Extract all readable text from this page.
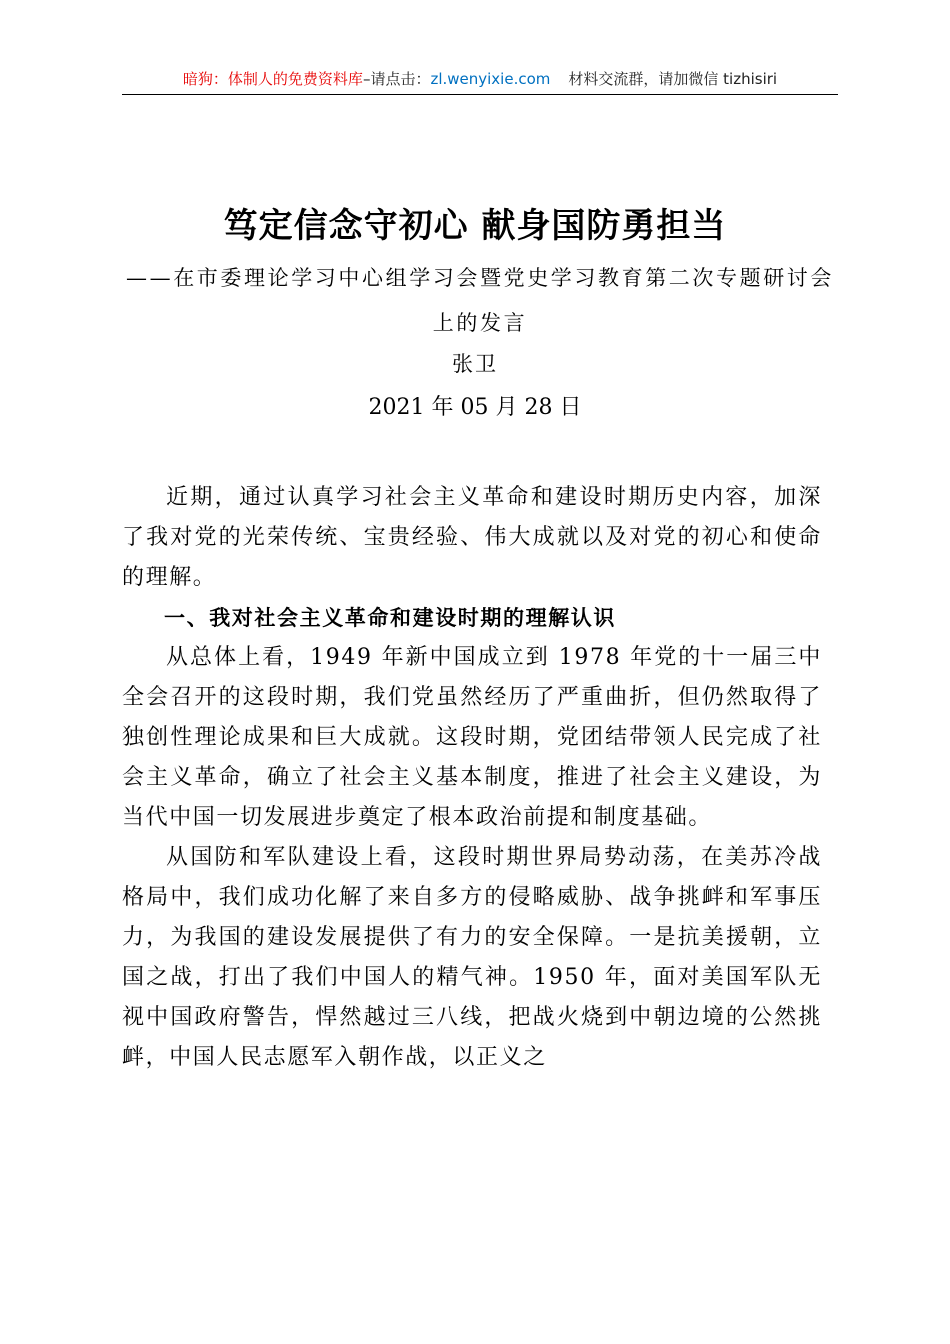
暗狗：体制人的免费资料库–请点击：zl.wenyixie.com 材料交流群，请加微信 tizhisiri
笃定信念守初心 献身国防勇担当
——在市委理论学习中心组学习会暨党史学习教育第二次专题研讨会上的发言
张卫
2021 年 05 月 28 日

近期，通过认真学习社会主义革命和建设时期历史内容，加深了我对党的光荣传统、宝贵经验、伟大成就以及对党的初心和使命的理解。

一、我对社会主义革命和建设时期的理解认识

从总体上看，1949 年新中国成立到 1978 年党的十一届三中全会召开的这段时期，我们党虽然经历了严重曲折，但仍然取得了独创性理论成果和巨大成就。这段时期，党团结带领人民完成了社会主义革命，确立了社会主义基本制度，推进了社会主义建设，为当代中国一切发展进步奠定了根本政治前提和制度基础。

从国防和军队建设上看，这段时期世界局势动荡，在美苏冷战格局中，我们成功化解了来自多方的侵略威胁、战争挑衅和军事压力，为我国的建设发展提供了有力的安全保障。一是抗美援朝，立国之战，打出了我们中国人的精气神。1950 年，面对美国军队无视中国政府警告，悍然越过三八线，把战火烧到中朝边境的公然挑衅，中国人民志愿军入朝作战，以正义之
